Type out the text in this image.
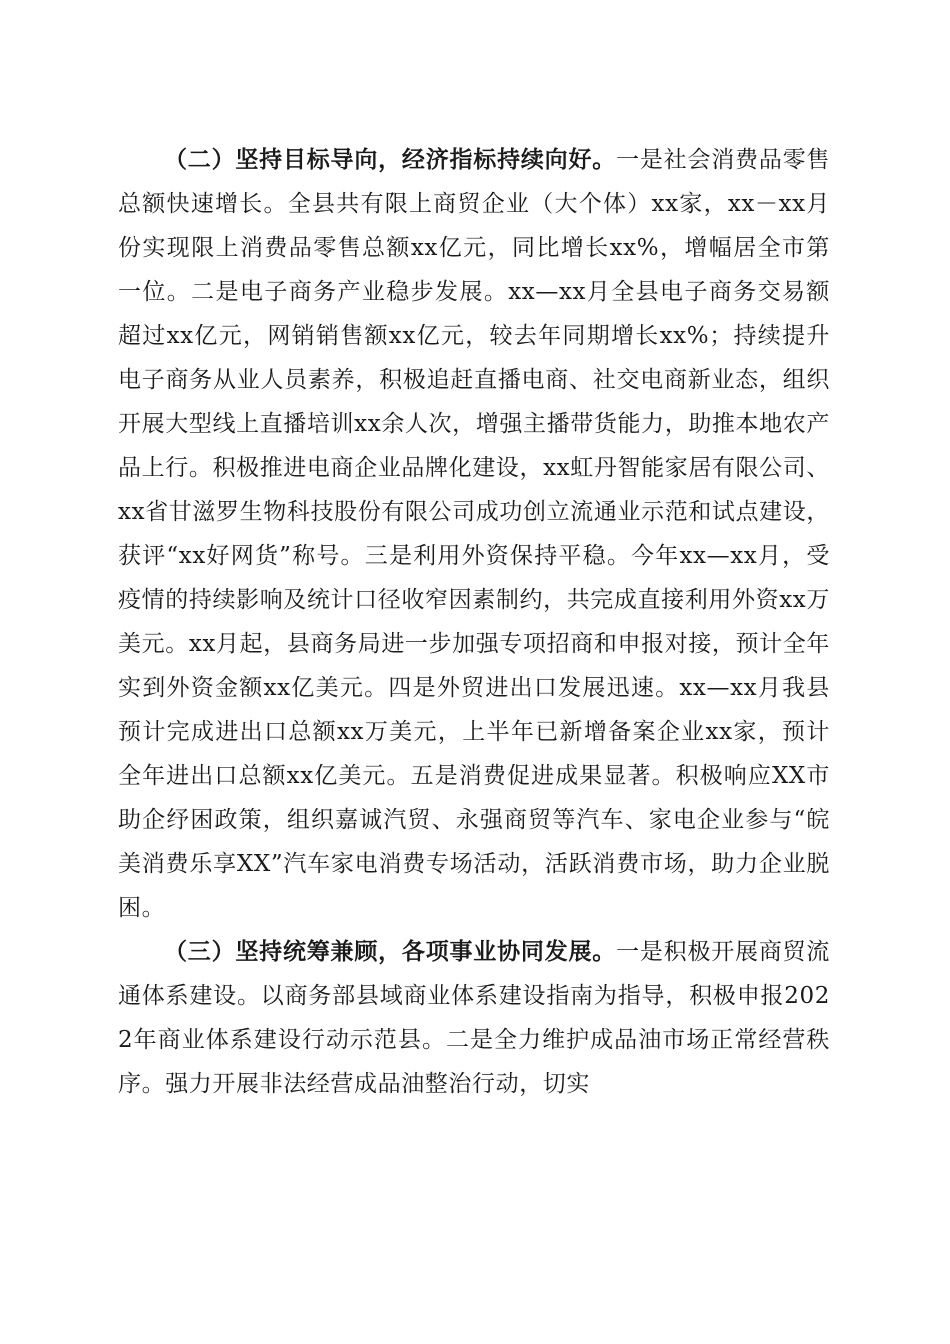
（二）坚持目标导向，经济指标持续向好。一是社会消费品零售总额快速增长。全县共有限上商贸企业（大个体）xx家，xx－xx月份实现限上消费品零售总额xx亿元，同比增长xx%，增幅居全市第一位。二是电子商务产业稳步发展。xx—xx月全县电子商务交易额超过xx亿元，网销销售额xx亿元，较去年同期增长xx%；持续提升电子商务从业人员素养，积极追赶直播电商、社交电商新业态，组织开展大型线上直播培训xx余人次，增强主播带货能力，助推本地农产品上行。积极推进电商企业品牌化建设，xx虹丹智能家居有限公司、xx省甘滋罗生物科技股份有限公司成功创立流通业示范和试点建设，获评“xx好网货”称号。三是利用外资保持平稳。今年xx—xx月，受疫情的持续影响及统计口径收窄因素制约，共完成直接利用外资xx万美元。xx月起，县商务局进一步加强专项招商和申报对接，预计全年实到外资金额xx亿美元。四是外贸进出口发展迅速。xx—xx月我县预计完成进出口总额xx万美元，上半年已新增备案企业xx家，预计全年进出口总额xx亿美元。五是消费促进成果显著。积极响应XX市助企纾困政策，组织嘉诚汽贸、永强商贸等汽车、家电企业参与“皖美消费乐享XX”汽车家电消费专场活动，活跃消费市场，助力企业脱困。

（三）坚持统筹兼顾，各项事业协同发展。一是积极开展商贸流通体系建设。以商务部县域商业体系建设指南为指导，积极申报2022年商业体系建设行动示范县。二是全力维护成品油市场正常经营秩序。强力开展非法经营成品油整治行动，切实
